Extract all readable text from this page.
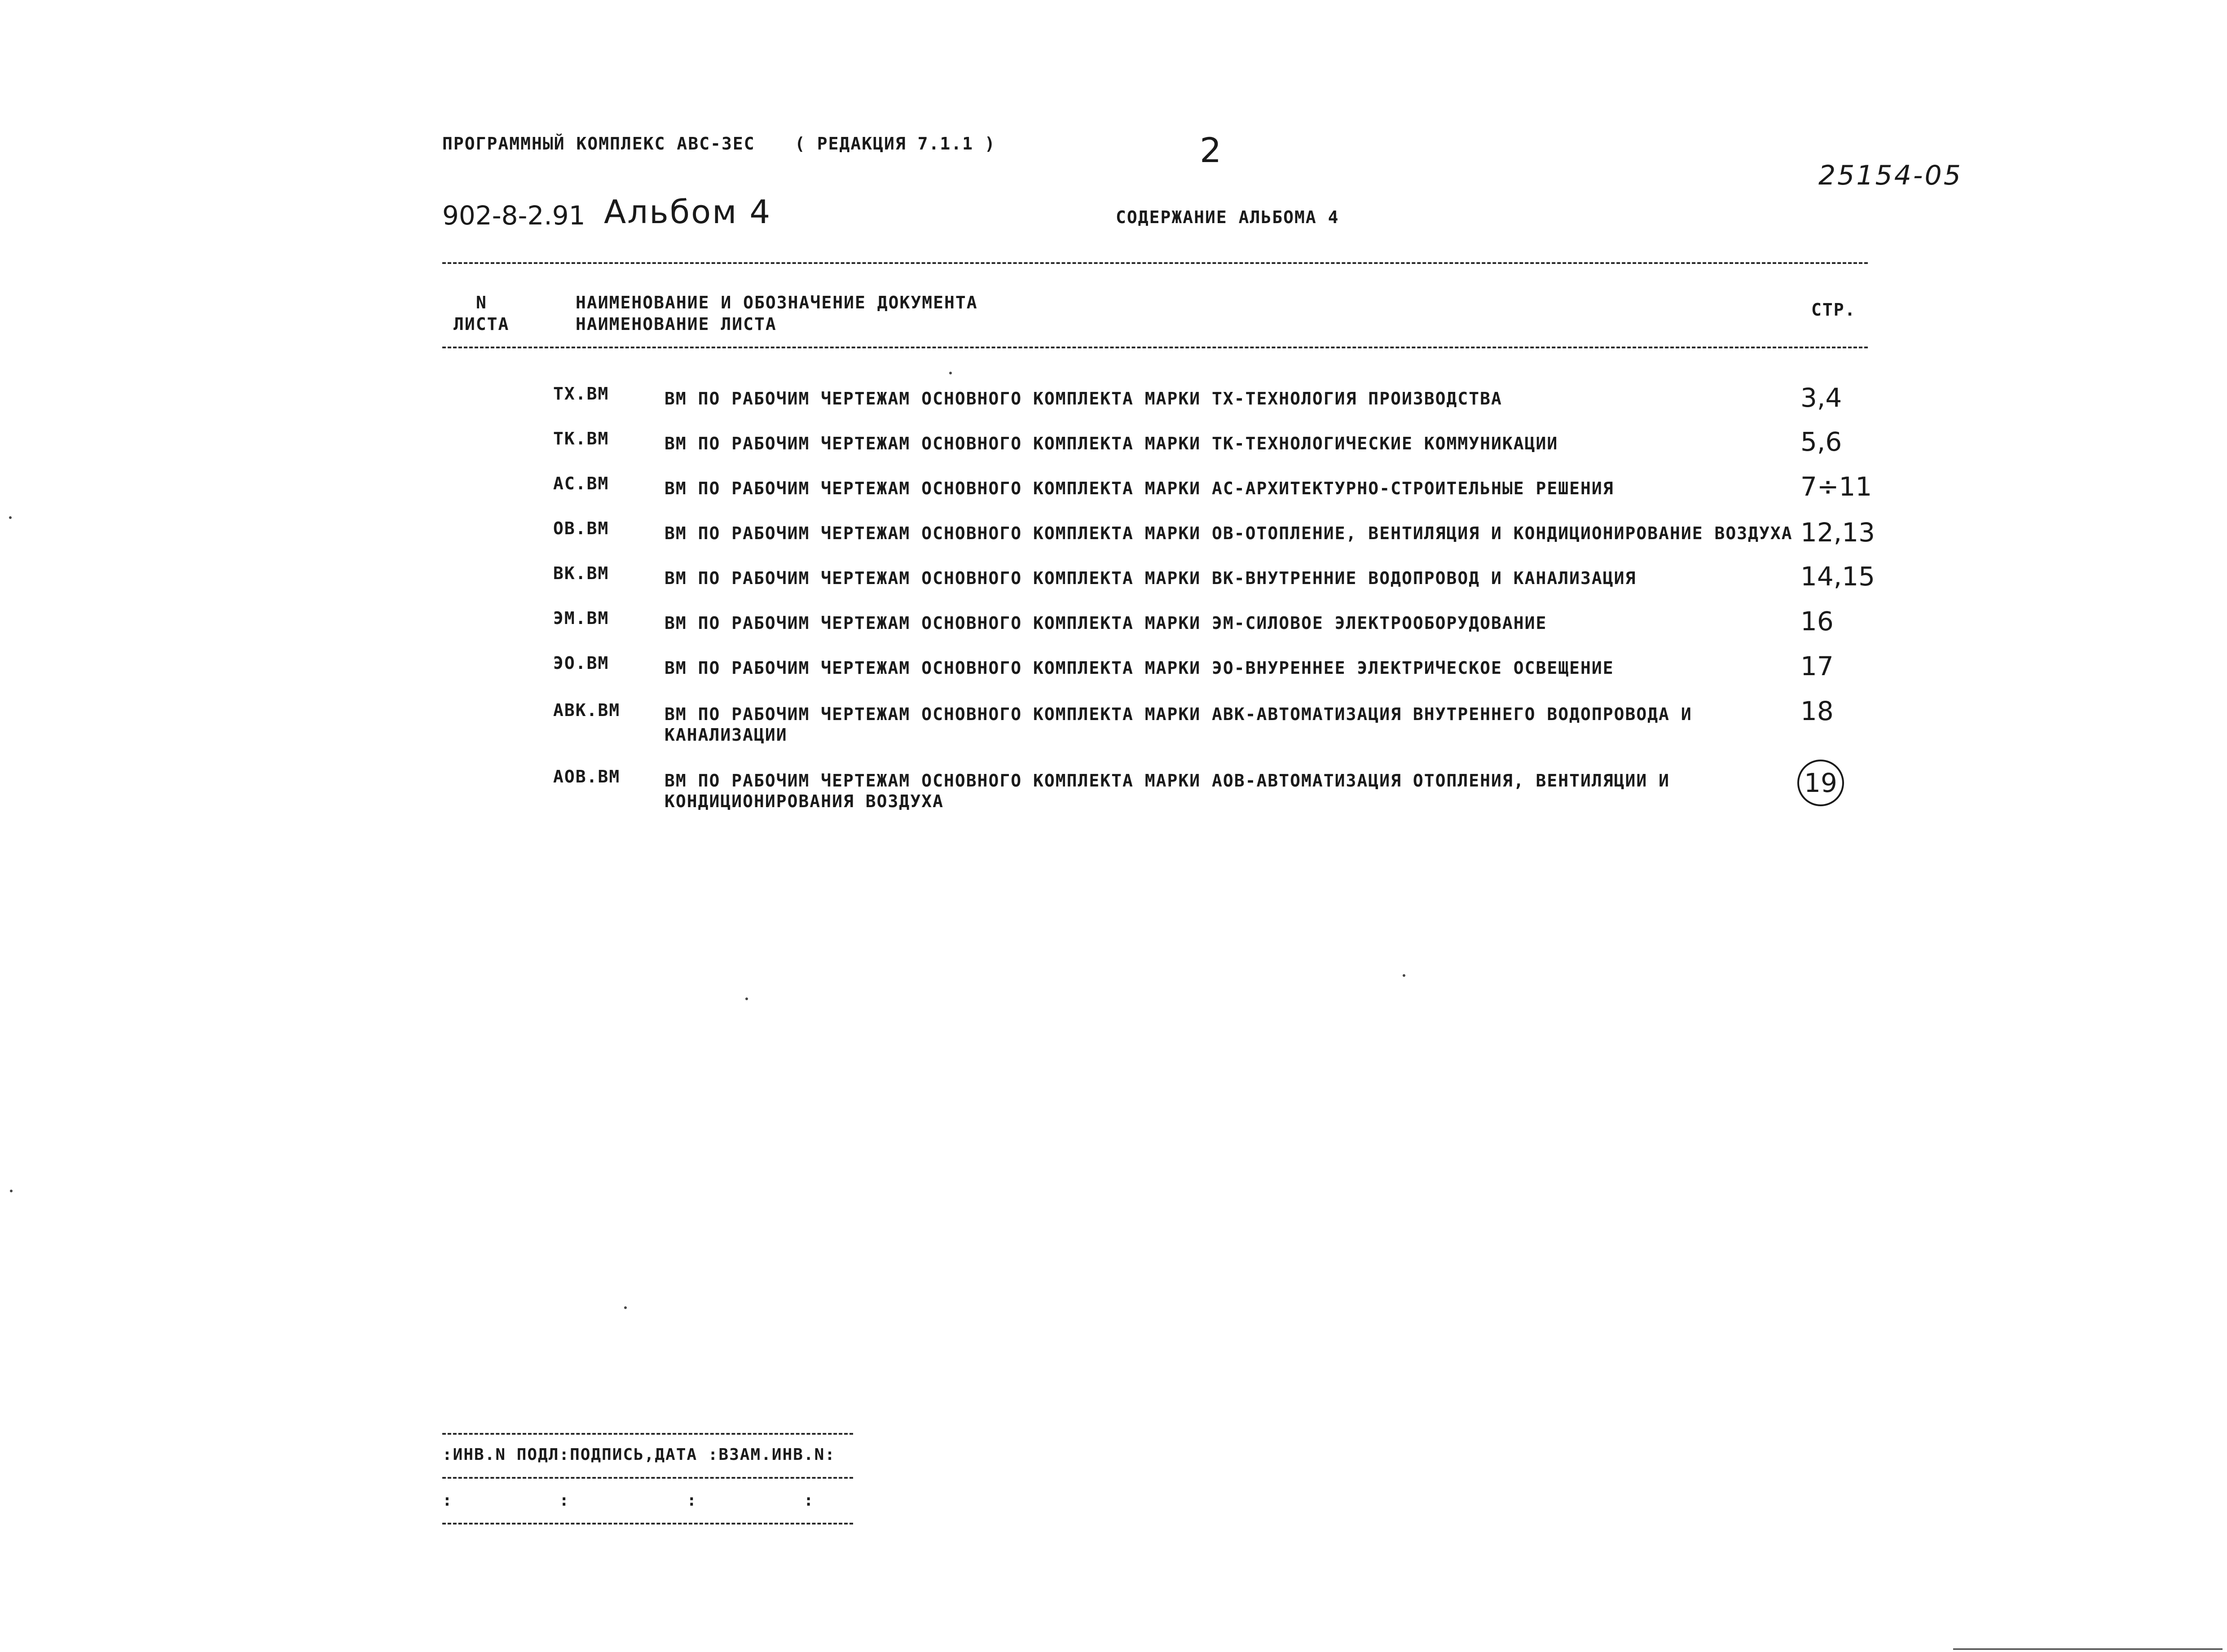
ПРОГРАММНЫЙ КОМПЛЕКС АВС-ЗЕС ( РЕДАКЦИЯ 7.1.1 )	2
25154-05
902-8-2.91 Альбом 4	СОДЕРЖАНИЕ АЛЬБОМА 4
N
ЛИСТА
НАИМЕНОВАНИЕ И ОБОЗНАЧЕНИЕ ДОКУМЕНТА
НАИМЕНОВАНИЕ ЛИСТА
СТР.
ТХ.ВМ	ВМ ПО РАБОЧИМ ЧЕРТЕЖАМ ОСНОВНОГО КОМПЛЕКТА МАРКИ ТХ-ТЕХНОЛОГИЯ ПРОИЗВОДСТВА	3,4
ТК.ВМ	ВМ ПО РАБОЧИМ ЧЕРТЕЖАМ ОСНОВНОГО КОМПЛЕКТА МАРКИ ТК-ТЕХНОЛОГИЧЕСКИЕ КОММУНИКАЦИИ	5,6
АС.ВМ	ВМ ПО РАБОЧИМ ЧЕРТЕЖАМ ОСНОВНОГО КОМПЛЕКТА МАРКИ АС-АРХИТЕКТУРНО-СТРОИТЕЛЬНЫЕ РЕШЕНИЯ	7÷11
ОВ.ВМ	ВМ ПО РАБОЧИМ ЧЕРТЕЖАМ ОСНОВНОГО КОМПЛЕКТА МАРКИ ОВ-ОТОПЛЕНИЕ, ВЕНТИЛЯЦИЯ И КОНДИЦИОНИРОВАНИЕ ВОЗДУХА 12,13
ВК.ВМ	ВМ ПО РАБОЧИМ ЧЕРТЕЖАМ ОСНОВНОГО КОМПЛЕКТА МАРКИ ВК-ВНУТРЕННИЕ ВОДОПРОВОД И КАНАЛИЗАЦИЯ	14,15
ЭМ.ВМ	ВМ ПО РАБОЧИМ ЧЕРТЕЖАМ ОСНОВНОГО КОМПЛЕКТА МАРКИ ЭМ-СИЛОВОЕ ЭЛЕКТРООБОРУДОВАНИЕ	16
ЭО.ВМ	ВМ ПО РАБОЧИМ ЧЕРТЕЖАМ ОСНОВНОГО КОМПЛЕКТА МАРКИ ЭО-ВНУРЕННЕЕ ЭЛЕКТРИЧЕСКОЕ ОСВЕЩЕНИЕ	17
АВК.ВМ	ВМ ПО РАБОЧИМ ЧЕРТЕЖАМ ОСНОВНОГО КОМПЛЕКТА МАРКИ АВК-АВТОМАТИЗАЦИЯ ВНУТРЕННЕГО ВОДОПРОВОДА И КАНАЛИЗАЦИИ
18
АОВ.ВМ	ВМ ПО РАБОЧИМ ЧЕРТЕЖАМ ОСНОВНОГО КОМПЛЕКТА МАРКИ АОВ-АВТОМАТИЗАЦИЯ ОТОПЛЕНИЯ, ВЕНТИЛЯЦИИ И КОНДИЦИОНИРОВАНИЯ ВОЗДУХА
19
:ИНВ.N ПОДЛ:ПОДПИСЬ,ДАТА :ВЗАМ.ИНВ.N:
:          :           :          :
